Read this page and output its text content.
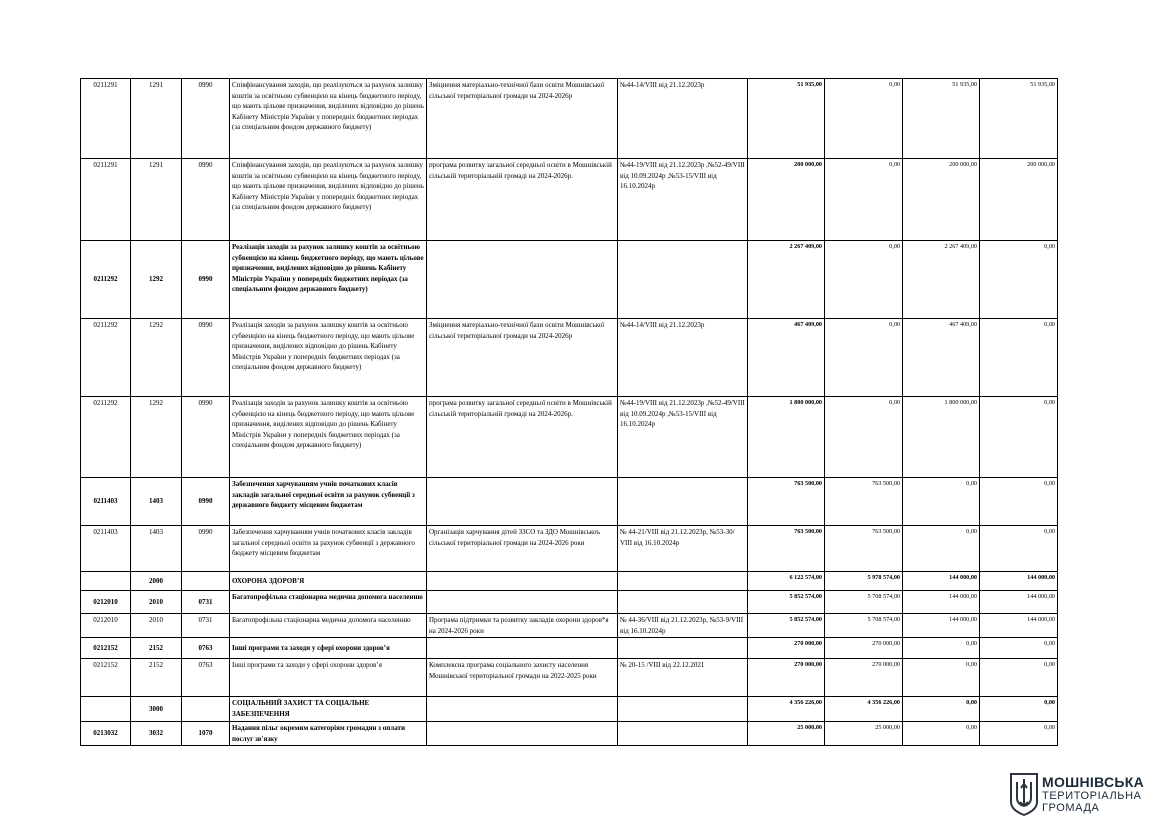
0211291	1291	0990	Співфінансування заходів, що реалізуються за рахунок залишку коштів за освітньою субвенцією на кінець бюджетного періоду, що мають цільове призначення, виділених відповідно до рішень Кабінету Міністрів України у попередніх бюджетних періодах (за спеціальним фондом державного бюджету)	Зміцнення матеріально-технічної бази освіти Мошнівської сільської територіальної громади на 2024-2026р	№44-14/VIII від 21.12.2023р	51 935,00	0,00	51 935,00	51 935,00
0211291	1291	0990	Співфінансування заходів, що реалізуються за рахунок залишку коштів за освітньою субвенцією на кінець бюджетного періоду, що мають цільове призначення, виділених відповідно до рішень Кабінету Міністрів України у попередніх бюджетних періодах (за спеціальним фондом державного бюджету)	програма розвитку загальної середньої освіти в Мошнівській сільській територіальній громаді на 2024-2026р.	№44-19/VIII від 21.12.2023р ,№52-49/VIII від 10.09.2024р ,№53-15/VIII від 16.10.2024р	200 000,00	0,00	200 000,00	200 000,00
0211292	1292	0990	Реалізація заходів за рахунок залишку коштів за освітньою субвенцією на кінець бюджетного періоду, що мають цільове призначення, виділених відповідно до рішень Кабінету Міністрів України у попередніх бюджетних періодах (за спеціальним фондом державного бюджету)			2 267 409,00	0,00	2 267 409,00	0,00
0211292	1292	0990	Реалізація заходів за рахунок залишку коштів за освітньою субвенцією на кінець бюджетного періоду, що мають цільове призначення, виділених відповідно до рішень Кабінету Міністрів України у попередніх бюджетних періодах (за спеціальним фондом державного бюджету)	Зміцнення матеріально-технічної бази освіти Мошнівської сільської територіальної громади на 2024-2026р	№44-14/VIII від 21.12.2023р	467 409,00	0,00	467 409,00	0,00
0211292	1292	0990	Реалізація заходів за рахунок залишку коштів за освітньою субвенцією на кінець бюджетного періоду, що мають цільове призначення, виділених відповідно до рішень Кабінету Міністрів України у попередніх бюджетних періодах (за спеціальним фондом державного бюджету)	програма розвитку загальної середньої освіти в Мошнівській сільській територіальній громаді на 2024-2026р.	№44-19/VIII від 21.12.2023р ,№52-49/VIII від 10.09.2024р ,№53-15/VIII від 16.10.2024р	1 800 000,00	0,00	1 800 000,00	0,00
0211403	1403	0990	Забезпечення харчуванням учнів початкових класів закладів загальної середньої освіти за рахунок субвенції з державного бюджету місцевим бюджетам			763 500,00	763 500,00	0,00	0,00
0211403	1403	0990	Забезпечення харчуванням учнів початкових класів закладів загальної середньої освіти за рахунок субвенції з державного бюджету місцевим бюджетам	Організація харчування дітей ЗЗСО та ЗДО Мошнівськоъ сільської територіальної громади на 2024-2026 роки	№ 44-21/VIII від 21.12.2023р, №53-30/ VIII від 16.10.2024р	763 500,00	763 500,00	0,00	0,00
	2000		ОХОРОНА ЗДОРОВ’Я			6 122 574,00	5 978 574,00	144 000,00	144 000,00
0212010	2010	0731	Багатопрофільна стаціонарна медична допомога населенню			5 852 574,00	5 708 574,00	144 000,00	144 000,00
0212010	2010	0731	Багатопрофільна стаціонарна медична допомога населенню	Програма підтримки та розвитку закладів охорони здоров*я на 2024-2026 роки	№ 44-36/VIII від 21.12.2023р, №53-9/VIII від 16.10.2024р	5 852 574,00	5 708 574,00	144 000,00	144 000,00
0212152	2152	0763	Інші програми та заходи у сфері охорони здоров’я			270 000,00	270 000,00	0,00	0,00
0212152	2152	0763	Інші програми та заходи у сфері охорони здоров’я	Комплексна програма соціального захисту населення Мошнівської територіальної громади на 2022-2025 роки	№ 20-15 /VIII від 22.12.2021	270 000,00	270 000,00	0,00	0,00
	3000		СОЦІАЛЬНИЙ ЗАХИСТ ТА СОЦІАЛЬНЕ ЗАБЕЗПЕЧЕННЯ			4 356 226,00	4 356 226,00	0,00	0,00
0213032	3032	1070	Надання пільг окремим категоріям громадян з оплати послуг зв'язку			25 000,00	25 000,00	0,00	0,00
МОШНІВСЬКА
ТЕРИТОРІАЛЬНА
ГРОМАДА
